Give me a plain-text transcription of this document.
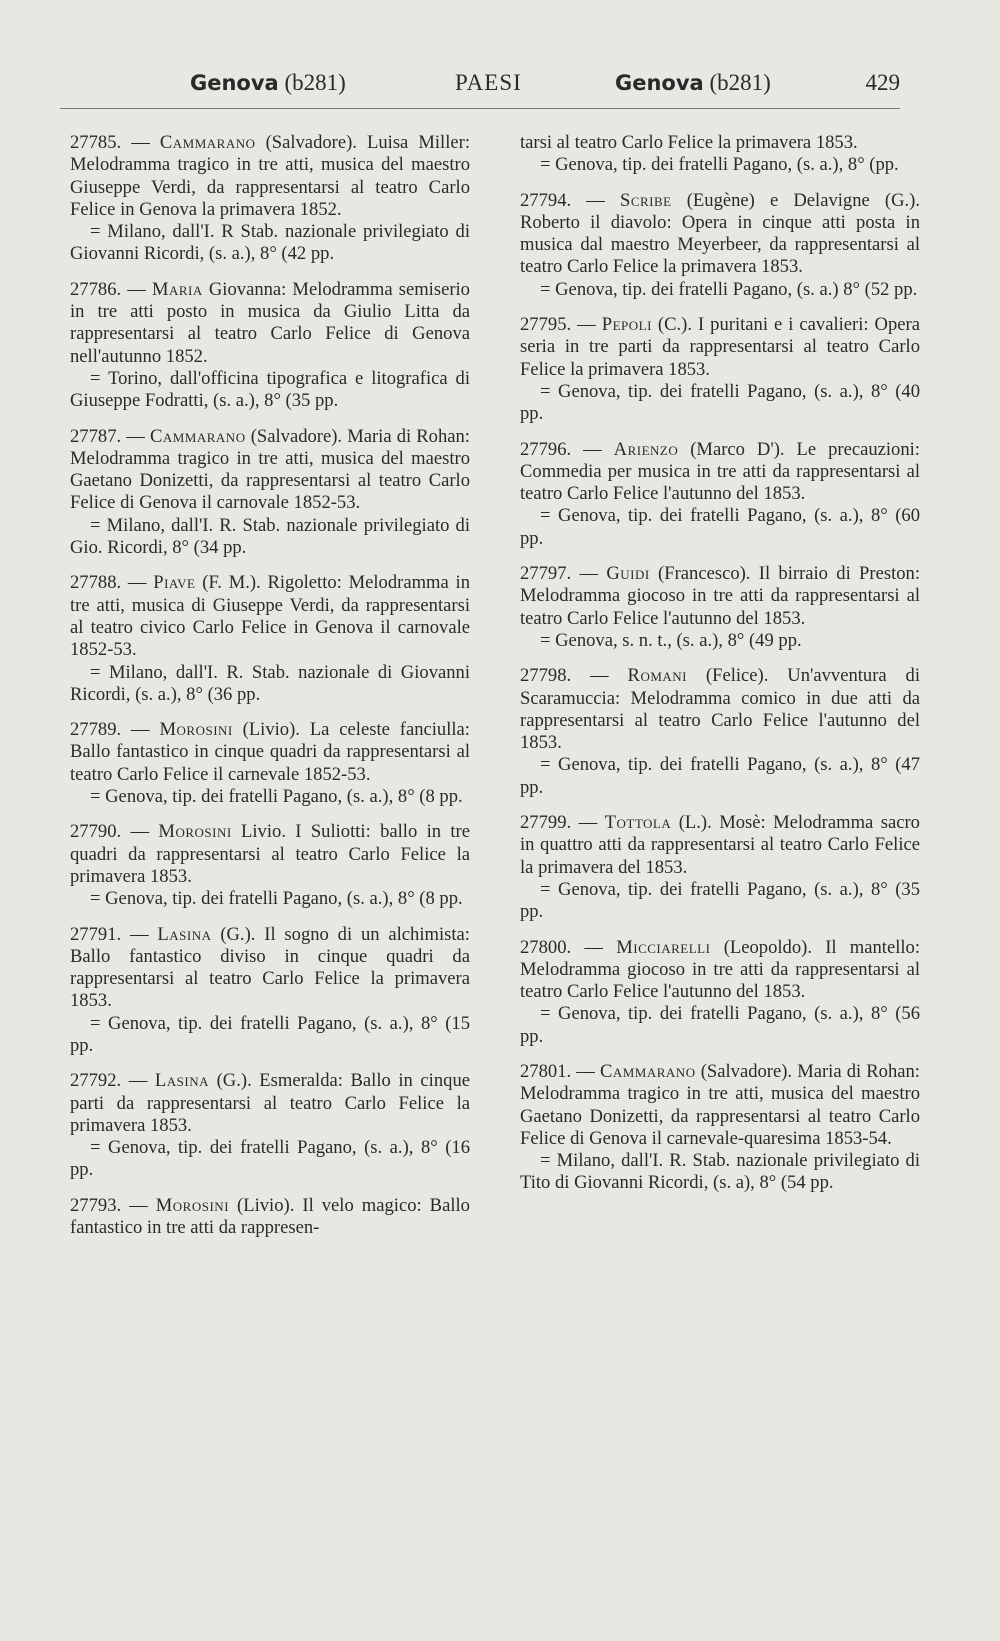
Genova (b281)	PAESI	Genova (b281)	429

27785. — Cammarano (Salvadore). Luisa Miller: Melodramma tragico in tre atti, musica del maestro Giuseppe Verdi, da rappresentarsi al teatro Carlo Felice in Genova la primavera 1852.

= Milano, dall'I. R Stab. nazionale privilegiato di Giovanni Ricordi, (s. a.), 8° (42 pp.

27786. — Maria Giovanna: Melodramma semiserio in tre atti posto in musica da Giulio Litta da rappresentarsi al teatro Carlo Felice di Genova nell'autunno 1852.

= Torino, dall'officina tipografica e litografica di Giuseppe Fodratti, (s. a.), 8° (35 pp.

27787. — Cammarano (Salvadore). Maria di Rohan: Melodramma tragico in tre atti, musica del maestro Gaetano Donizetti, da rappresentarsi al teatro Carlo Felice di Genova il carnovale 1852-53.

= Milano, dall'I. R. Stab. nazionale privilegiato di Gio. Ricordi, 8° (34 pp.

27788. — Piave (F. M.). Rigoletto: Melodramma in tre atti, musica di Giuseppe Verdi, da rappresentarsi al teatro civico Carlo Felice in Genova il carnovale 1852-53.

= Milano, dall'I. R. Stab. nazionale di Giovanni Ricordi, (s. a.), 8° (36 pp.

27789. — Morosini (Livio). La celeste fanciulla: Ballo fantastico in cinque quadri da rappresentarsi al teatro Carlo Felice il carnevale 1852-53.

= Genova, tip. dei fratelli Pagano, (s. a.), 8° (8 pp.

27790. — Morosini Livio. I Suliotti: ballo in tre quadri da rappresentarsi al teatro Carlo Felice la primavera 1853.

= Genova, tip. dei fratelli Pagano, (s. a.), 8° (8 pp.

27791. — Lasina (G.). Il sogno di un alchimista: Ballo fantastico diviso in cinque quadri da rappresentarsi al teatro Carlo Felice la primavera 1853.

= Genova, tip. dei fratelli Pagano, (s. a.), 8° (15 pp.

27792. — Lasina (G.). Esmeralda: Ballo in cinque parti da rappresentarsi al teatro Carlo Felice la primavera 1853.

= Genova, tip. dei fratelli Pagano, (s. a.), 8° (16 pp.

27793. — Morosini (Livio). Il velo magico: Ballo fantastico in tre atti da rappresen-

tarsi al teatro Carlo Felice la primavera 1853.

= Genova, tip. dei fratelli Pagano, (s. a.), 8° (pp.

27794. — Scribe (Eugène) e Delavigne (G.). Roberto il diavolo: Opera in cinque atti posta in musica dal maestro Meyerbeer, da rappresentarsi al teatro Carlo Felice la primavera 1853.

= Genova, tip. dei fratelli Pagano, (s. a.) 8° (52 pp.

27795. — Pepoli (C.). I puritani e i cavalieri: Opera seria in tre parti da rappresentarsi al teatro Carlo Felice la primavera 1853.

= Genova, tip. dei fratelli Pagano, (s. a.), 8° (40 pp.

27796. — Arienzo (Marco D'). Le precauzioni: Commedia per musica in tre atti da rappresentarsi al teatro Carlo Felice l'autunno del 1853.

= Genova, tip. dei fratelli Pagano, (s. a.), 8° (60 pp.

27797. — Guidi (Francesco). Il birraio di Preston: Melodramma giocoso in tre atti da rappresentarsi al teatro Carlo Felice l'autunno del 1853.

= Genova, s. n. t., (s. a.), 8° (49 pp.

27798. — Romani (Felice). Un'avventura di Scaramuccia: Melodramma comico in due atti da rappresentarsi al teatro Carlo Felice l'autunno del 1853.

= Genova, tip. dei fratelli Pagano, (s. a.), 8° (47 pp.

27799. — Tottola (L.). Mosè: Melodramma sacro in quattro atti da rappresentarsi al teatro Carlo Felice la primavera del 1853.

= Genova, tip. dei fratelli Pagano, (s. a.), 8° (35 pp.

27800. — Micciarelli (Leopoldo). Il mantello: Melodramma giocoso in tre atti da rappresentarsi al teatro Carlo Felice l'autunno del 1853.

= Genova, tip. dei fratelli Pagano, (s. a.), 8° (56 pp.

27801. — Cammarano (Salvadore). Maria di Rohan: Melodramma tragico in tre atti, musica del maestro Gaetano Donizetti, da rappresentarsi al teatro Carlo Felice di Genova il carnevale-quaresima 1853-54.

= Milano, dall'I. R. Stab. nazionale privilegiato di Tito di Giovanni Ricordi, (s. a), 8° (54 pp.
